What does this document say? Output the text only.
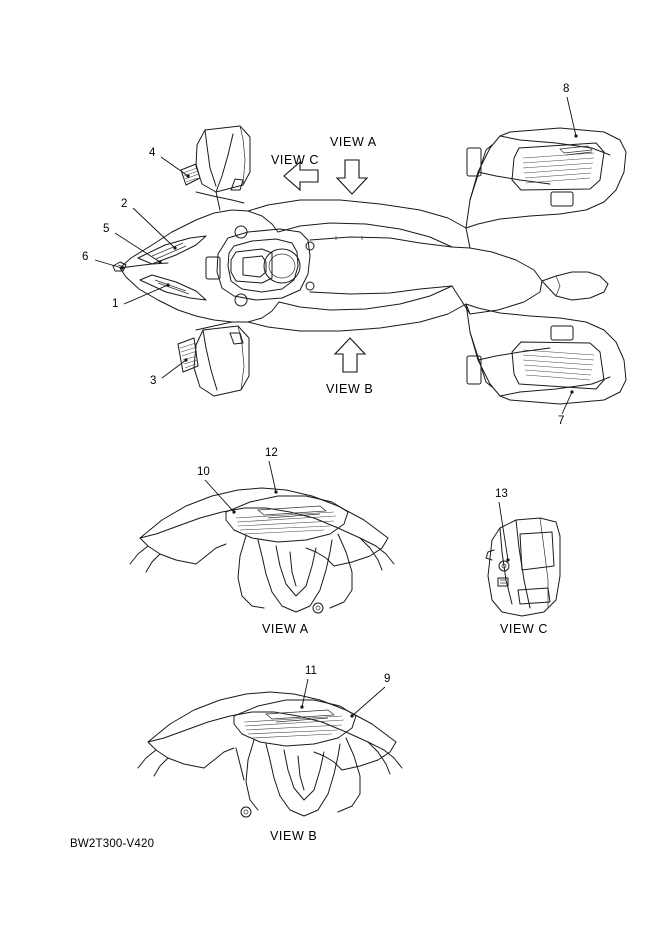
1
2
3
4
5
6
7
8
9
10
11
12
13
VIEW A
VIEW C
VIEW B
VIEW A	VIEW C
VIEW B
BW2T300-V420
